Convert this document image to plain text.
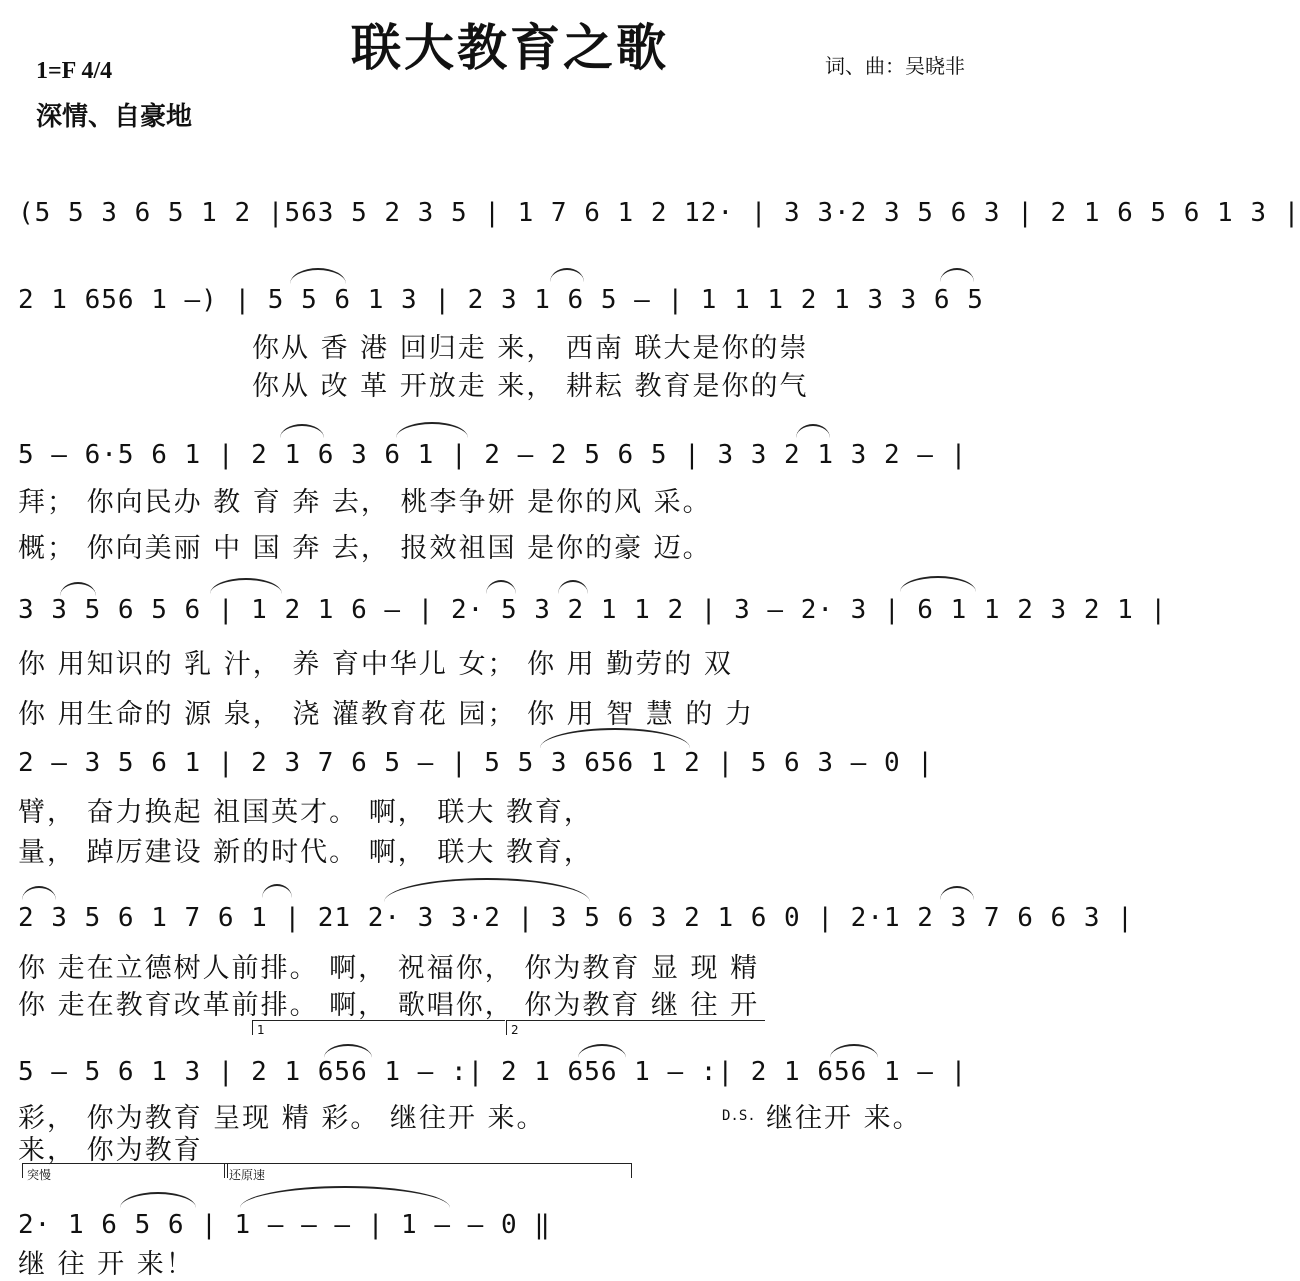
联大教育之歌
1=F 4/4
深情、自豪地
词、曲：吴晓非
(5 5 3 6 5 1 2 |563 5 2 3 5 | 1 7 6 1 2 12· | 3 3·2 3 5 6 3 | 2 1 6 5 6 1 3 |
2 1 656 1 —) | 5 5 6 1 3 | 2 3 1 6 5 — | 1 1 1 2 1 3 3 6 5
你从 香 港 回归走 来， 西南 联大是你的崇
你从 改 革 开放走 来， 耕耘 教育是你的气
5 — 6·5 6 1 | 2 1 6 3 6 1 | 2 — 2 5 6 5 | 3 3 2 1 3 2 — |
拜； 你向民办 教 育 奔 去， 桃李争妍 是你的风 采。
概； 你向美丽 中 国 奔 去， 报效祖国 是你的豪 迈。
3 3 5 6 5 6 | 1 2 1 6 — | 2· 5 3 2 1 1 2 | 3 — 2· 3 | 6 1 1 2 3 2 1 |
你 用知识的 乳 汁， 养 育中华儿 女； 你 用 勤劳的 双
你 用生命的 源 泉， 浇 灌教育花 园； 你 用 智 慧 的 力
2 — 3 5 6 1 | 2 3 7 6 5 — | 5 5 3 656 1 2 | 5 6 3 — 0 |
臂， 奋力换起 祖国英才。 啊， 联大 教育，
量， 踔厉建设 新的时代。 啊， 联大 教育，
2 3 5 6 1 7 6 1 | 21 2· 3 3·2 | 3 5 6 3 2 1 6 0 | 2·1 2 3 7 6 6 3 |
你 走在立德树人前排。 啊， 祝福你， 你为教育 显 现 精
你 走在教育改革前排。 啊， 歌唱你， 你为教育 继 往 开
1	2
5 — 5 6 1 3 | 2 1 656 1 — :| 2 1 656 1 — :| 2 1 656 1 — |
彩， 你为教育 呈现 精 彩。 继往开 来。	D.S. 继往开 来。
来， 你为教育
突慢	还原速
2· 1 6 5 6 | 1 — — — | 1 — — 0 ‖
继 往 开 来！
